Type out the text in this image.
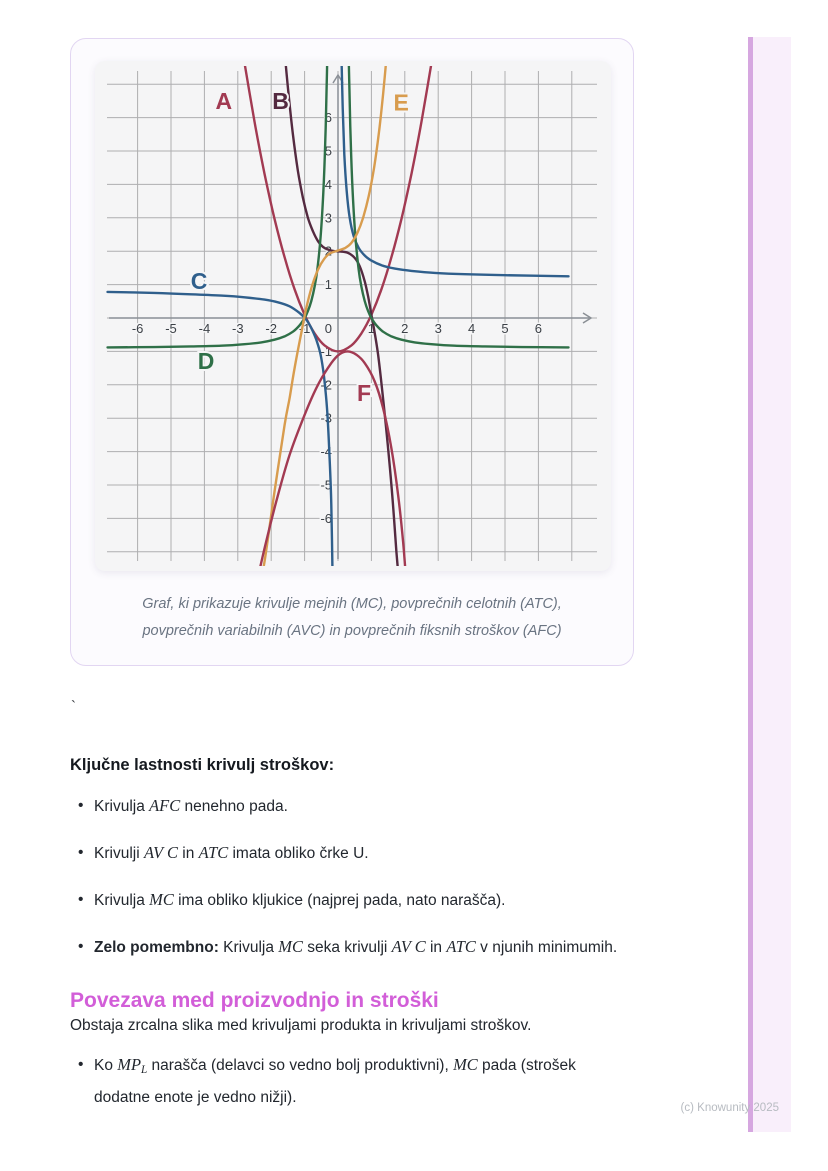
-6 -5 -4 -3 -2 -1	1 2 3 4 5 6
6
5
4
3
2
1
-1
-2
-3
-4
-5
-6
0
A B
C
D
E
F
Graf, ki prikazuje krivulje mejnih (MC), povprečnih celotnih (ATC),
povprečnih variabilnih (AVC) in povprečnih fiksnih stroškov (AFC)
`
Ključne lastnosti krivulj stroškov:
• Krivulja AFC nenehno pada.
• Krivulji AV C in ATC imata obliko črke U.
• Krivulja MC ima obliko kljukice (najprej pada, nato narašča).
• Zelo pomembno: Krivulja MC seka krivulji AV C in ATC v njunih minimumih.
Povezava med proizvodnjo in stroški

Obstaja zrcalna slika med krivuljami produkta in krivuljami stroškov.

• Ko $MP_L$ narašča (delavci so vedno bolj produktivni), MC pada (strošek dodatne enote je vedno nižji).
(c) Knowunity 2025
